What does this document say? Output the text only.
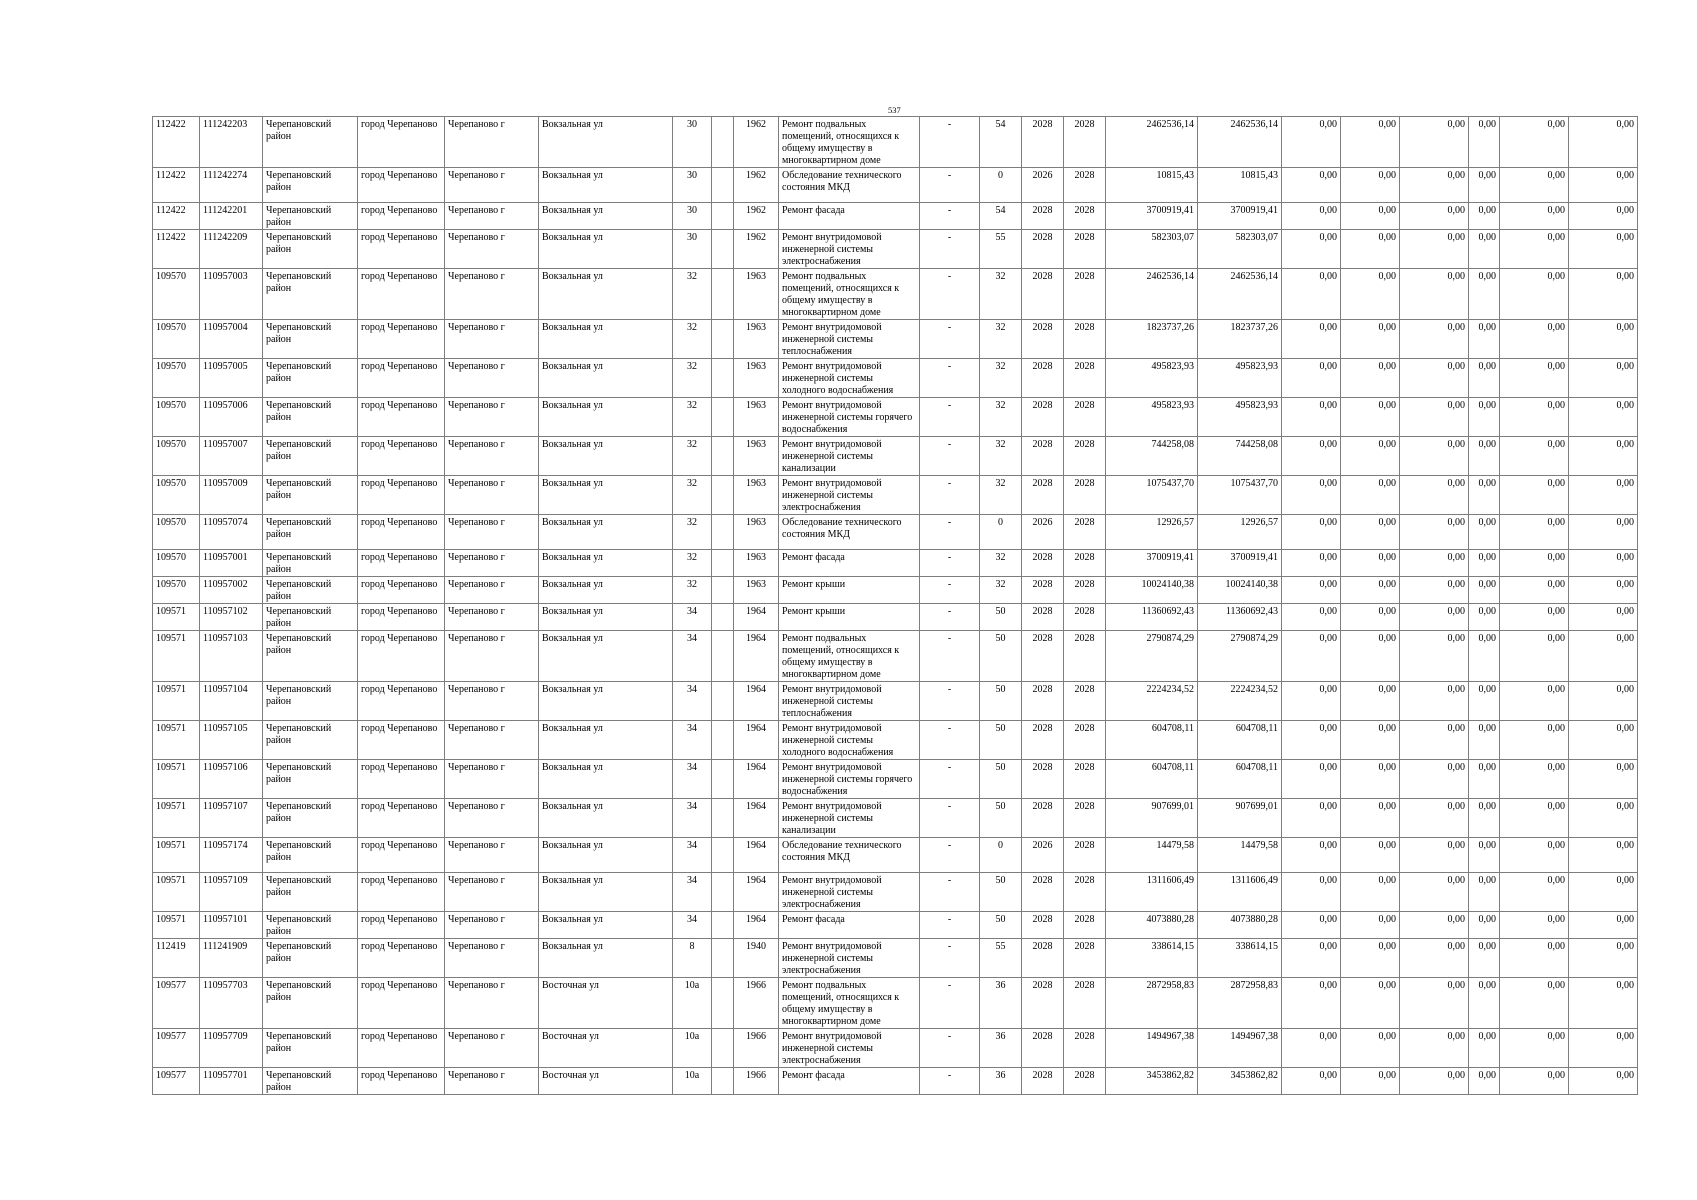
537
112422	111242203	Черепановский район	город Черепаново	Черепаново г	Вокзальная ул	30		1962	Ремонт подвальных помещений, относящихся к общему имуществу в многоквартирном доме	-	54	2028	2028	2462536,14	2462536,14	0,00	0,00	0,00	0,00	0,00	0,00
112422	111242274	Черепановский район	город Черепаново	Черепаново г	Вокзальная ул	30		1962	Обследование технического состояния МКД	-	0	2026	2028	10815,43	10815,43	0,00	0,00	0,00	0,00	0,00	0,00
112422	111242201	Черепановский район	город Черепаново	Черепаново г	Вокзальная ул	30		1962	Ремонт фасада	-	54	2028	2028	3700919,41	3700919,41	0,00	0,00	0,00	0,00	0,00	0,00
112422	111242209	Черепановский район	город Черепаново	Черепаново г	Вокзальная ул	30		1962	Ремонт внутридомовой инженерной системы электроснабжения	-	55	2028	2028	582303,07	582303,07	0,00	0,00	0,00	0,00	0,00	0,00
109570	110957003	Черепановский район	город Черепаново	Черепаново г	Вокзальная ул	32		1963	Ремонт подвальных помещений, относящихся к общему имуществу в многоквартирном доме	-	32	2028	2028	2462536,14	2462536,14	0,00	0,00	0,00	0,00	0,00	0,00
109570	110957004	Черепановский район	город Черепаново	Черепаново г	Вокзальная ул	32		1963	Ремонт внутридомовой инженерной системы теплоснабжения	-	32	2028	2028	1823737,26	1823737,26	0,00	0,00	0,00	0,00	0,00	0,00
109570	110957005	Черепановский район	город Черепаново	Черепаново г	Вокзальная ул	32		1963	Ремонт внутридомовой инженерной системы холодного водоснабжения	-	32	2028	2028	495823,93	495823,93	0,00	0,00	0,00	0,00	0,00	0,00
109570	110957006	Черепановский район	город Черепаново	Черепаново г	Вокзальная ул	32		1963	Ремонт внутридомовой инженерной системы горячего водоснабжения	-	32	2028	2028	495823,93	495823,93	0,00	0,00	0,00	0,00	0,00	0,00
109570	110957007	Черепановский район	город Черепаново	Черепаново г	Вокзальная ул	32		1963	Ремонт внутридомовой инженерной системы канализации	-	32	2028	2028	744258,08	744258,08	0,00	0,00	0,00	0,00	0,00	0,00
109570	110957009	Черепановский район	город Черепаново	Черепаново г	Вокзальная ул	32		1963	Ремонт внутридомовой инженерной системы электроснабжения	-	32	2028	2028	1075437,70	1075437,70	0,00	0,00	0,00	0,00	0,00	0,00
109570	110957074	Черепановский район	город Черепаново	Черепаново г	Вокзальная ул	32		1963	Обследование технического состояния МКД	-	0	2026	2028	12926,57	12926,57	0,00	0,00	0,00	0,00	0,00	0,00
109570	110957001	Черепановский район	город Черепаново	Черепаново г	Вокзальная ул	32		1963	Ремонт фасада	-	32	2028	2028	3700919,41	3700919,41	0,00	0,00	0,00	0,00	0,00	0,00
109570	110957002	Черепановский район	город Черепаново	Черепаново г	Вокзальная ул	32		1963	Ремонт крыши	-	32	2028	2028	10024140,38	10024140,38	0,00	0,00	0,00	0,00	0,00	0,00
109571	110957102	Черепановский район	город Черепаново	Черепаново г	Вокзальная ул	34		1964	Ремонт крыши	-	50	2028	2028	11360692,43	11360692,43	0,00	0,00	0,00	0,00	0,00	0,00
109571	110957103	Черепановский район	город Черепаново	Черепаново г	Вокзальная ул	34		1964	Ремонт подвальных помещений, относящихся к общему имуществу в многоквартирном доме	-	50	2028	2028	2790874,29	2790874,29	0,00	0,00	0,00	0,00	0,00	0,00
109571	110957104	Черепановский район	город Черепаново	Черепаново г	Вокзальная ул	34		1964	Ремонт внутридомовой инженерной системы теплоснабжения	-	50	2028	2028	2224234,52	2224234,52	0,00	0,00	0,00	0,00	0,00	0,00
109571	110957105	Черепановский район	город Черепаново	Черепаново г	Вокзальная ул	34		1964	Ремонт внутридомовой инженерной системы холодного водоснабжения	-	50	2028	2028	604708,11	604708,11	0,00	0,00	0,00	0,00	0,00	0,00
109571	110957106	Черепановский район	город Черепаново	Черепаново г	Вокзальная ул	34		1964	Ремонт внутридомовой инженерной системы горячего водоснабжения	-	50	2028	2028	604708,11	604708,11	0,00	0,00	0,00	0,00	0,00	0,00
109571	110957107	Черепановский район	город Черепаново	Черепаново г	Вокзальная ул	34		1964	Ремонт внутридомовой инженерной системы канализации	-	50	2028	2028	907699,01	907699,01	0,00	0,00	0,00	0,00	0,00	0,00
109571	110957174	Черепановский район	город Черепаново	Черепаново г	Вокзальная ул	34		1964	Обследование технического состояния МКД	-	0	2026	2028	14479,58	14479,58	0,00	0,00	0,00	0,00	0,00	0,00
109571	110957109	Черепановский район	город Черепаново	Черепаново г	Вокзальная ул	34		1964	Ремонт внутридомовой инженерной системы электроснабжения	-	50	2028	2028	1311606,49	1311606,49	0,00	0,00	0,00	0,00	0,00	0,00
109571	110957101	Черепановский район	город Черепаново	Черепаново г	Вокзальная ул	34		1964	Ремонт фасада	-	50	2028	2028	4073880,28	4073880,28	0,00	0,00	0,00	0,00	0,00	0,00
112419	111241909	Черепановский район	город Черепаново	Черепаново г	Вокзальная ул	8		1940	Ремонт внутридомовой инженерной системы электроснабжения	-	55	2028	2028	338614,15	338614,15	0,00	0,00	0,00	0,00	0,00	0,00
109577	110957703	Черепановский район	город Черепаново	Черепаново г	Восточная ул	10а		1966	Ремонт подвальных помещений, относящихся к общему имуществу в многоквартирном доме	-	36	2028	2028	2872958,83	2872958,83	0,00	0,00	0,00	0,00	0,00	0,00
109577	110957709	Черепановский район	город Черепаново	Черепаново г	Восточная ул	10а		1966	Ремонт внутридомовой инженерной системы электроснабжения	-	36	2028	2028	1494967,38	1494967,38	0,00	0,00	0,00	0,00	0,00	0,00
109577	110957701	Черепановский район	город Черепаново	Черепаново г	Восточная ул	10а		1966	Ремонт фасада	-	36	2028	2028	3453862,82	3453862,82	0,00	0,00	0,00	0,00	0,00	0,00
